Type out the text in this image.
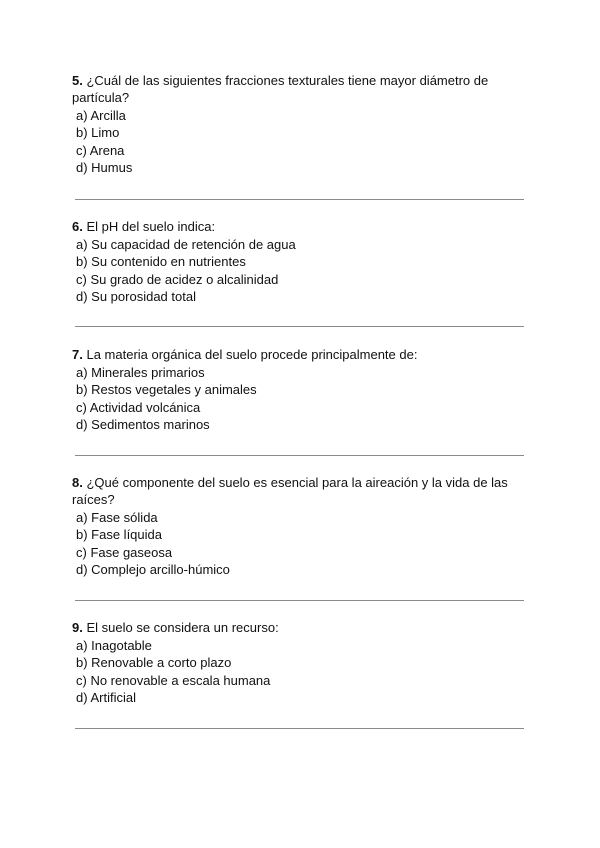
5. ¿Cuál de las siguientes fracciones texturales tiene mayor diámetro de partícula?

a) Arcilla
b) Limo
c) Arena
d) Humus

6. El pH del suelo indica:

a) Su capacidad de retención de agua
b) Su contenido en nutrientes
c) Su grado de acidez o alcalinidad
d) Su porosidad total

7. La materia orgánica del suelo procede principalmente de:

a) Minerales primarios
b) Restos vegetales y animales
c) Actividad volcánica
d) Sedimentos marinos

8. ¿Qué componente del suelo es esencial para la aireación y la vida de las raíces?

a) Fase sólida
b) Fase líquida
c) Fase gaseosa
d) Complejo arcillo-húmico

9. El suelo se considera un recurso:

a) Inagotable
b) Renovable a corto plazo
c) No renovable a escala humana
d) Artificial
